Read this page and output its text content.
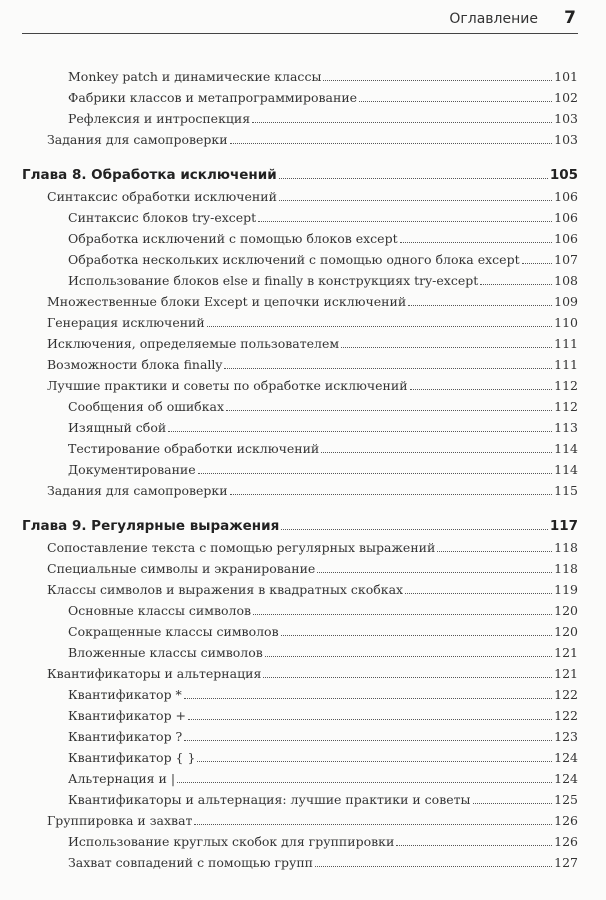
Оглавление 7
Monkey patch и динамические классы	101
Фабрики классов и метапрограммирование	102
Рефлексия и интроспекция	103
Задания для самопроверки	103
Глава 8. Обработка исключений	105
Синтаксис обработки исключений	106
Синтаксис блоков try-except	106
Обработка исключений с помощью блоков except	106
Обработка нескольких исключений с помощью одного блока except	107
Использование блоков else и finally в конструкциях try-except	108
Множественные блоки Except и цепочки исключений	109
Генерация исключений	110
Исключения, определяемые пользователем	111
Возможности блока finally	111
Лучшие практики и советы по обработке исключений	112
Сообщения об ошибках	112
Изящный сбой	113
Тестирование обработки исключений	114
Документирование	114
Задания для самопроверки	115
Глава 9. Регулярные выражения	117
Сопоставление текста с помощью регулярных выражений	118
Специальные символы и экранирование	118
Классы символов и выражения в квадратных скобках	119
Основные классы символов	120
Сокращенные классы символов	120
Вложенные классы символов	121
Квантификаторы и альтернация	121
Квантификатор *	122
Квантификатор +	122
Квантификатор ?	123
Квантификатор { }	124
Альтернация и |	124
Квантификаторы и альтернация: лучшие практики и советы	125
Группировка и захват	126
Использование круглых скобок для группировки	126
Захват совпадений с помощью групп	127
